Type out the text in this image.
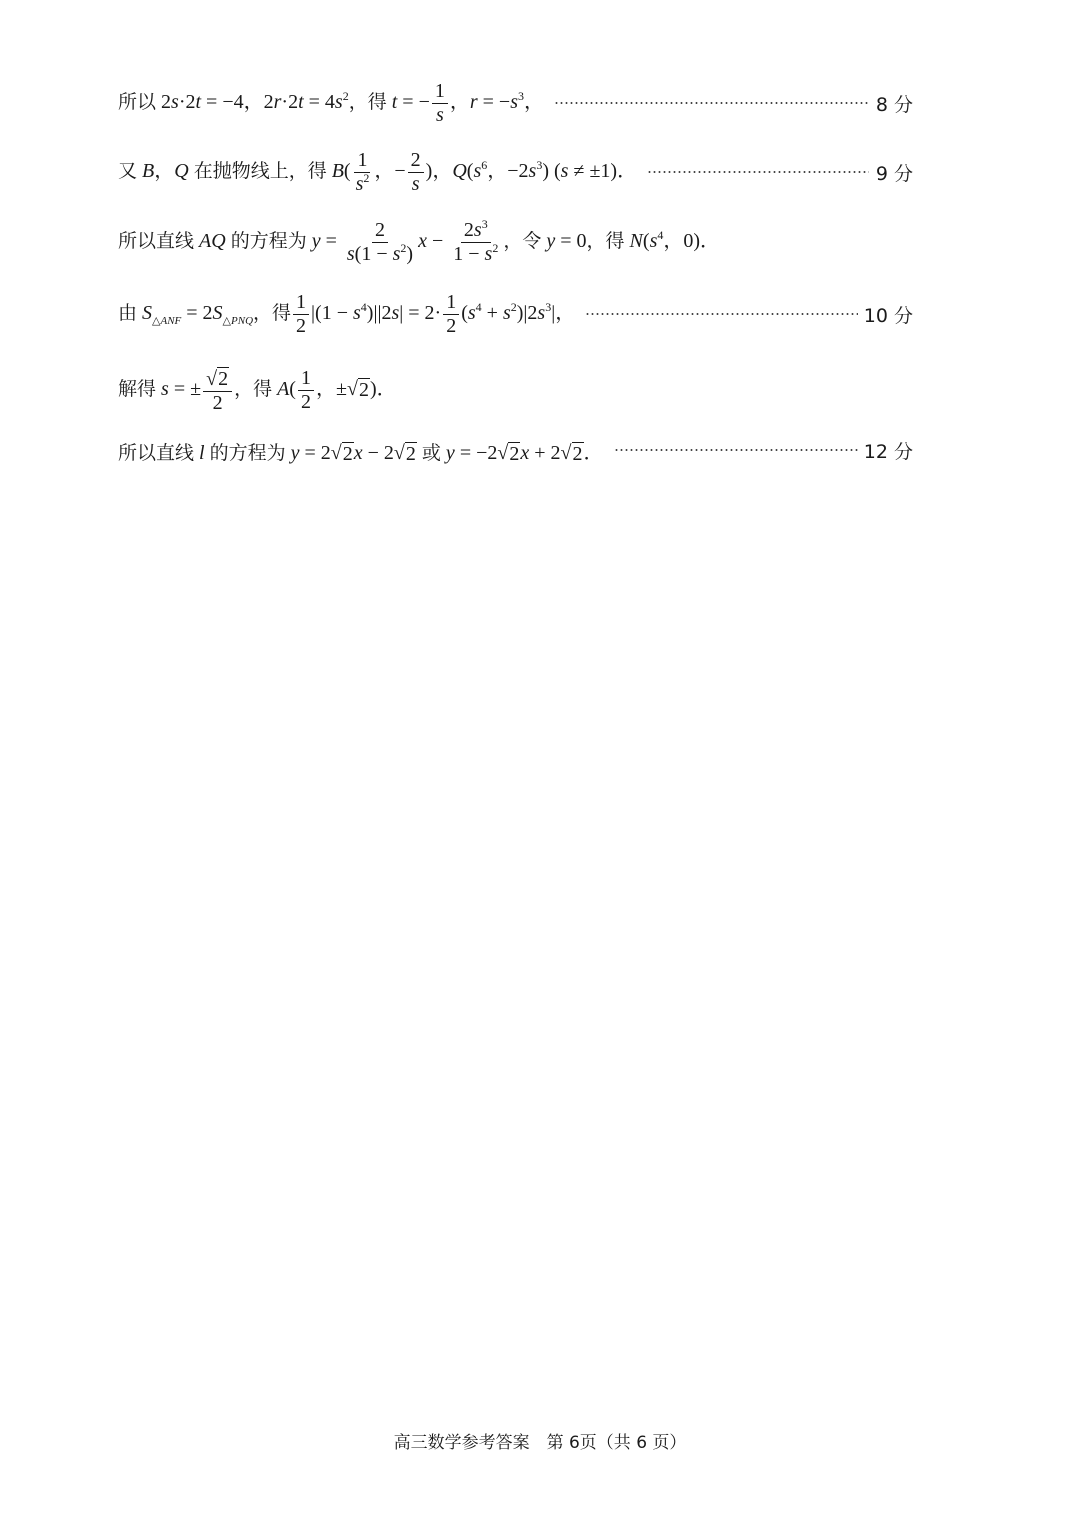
所以 2s·2t = −4，$2r\cdot 2t = 4s^2$，得 t = − $\frac{1}{s}$ ，$r = -s^3$，	8 分
又 B，Q 在抛物线上，得 $B( \frac{1}{s^2}$ ，− $\frac{2}{s}$ )，$Q(s^6$，$-2s^3$) (s ≠ ±1)．	9 分
所以直线 AQ 的方程为 $y = \frac{2}{s(1 - s^2)}$ $x - \frac{2s^3}{1 - s^2}$ ，令 y = 0，得 $N(s^4$，0)．
由 $S_{\triangle ANF} = 2S_{\triangle PNQ}$，得 $\frac{1}{2} |(1 - s^4)||2s| = 2\cdot \frac{1}{2} (s^4 + s^2)|2s^3|$，	10 分
解得 s = ± $\frac{√ 2}{2}$ ，得 $A( \frac{1}{2}$ ，± √ 2 )．
所以直线 l 的方程为 y = 2 √ 2 x − 2 √ 2 或 y = −2 √ 2 x + 2 √ 2 ．	12 分
高三数学参考答案　第 6页（共 6 页）
